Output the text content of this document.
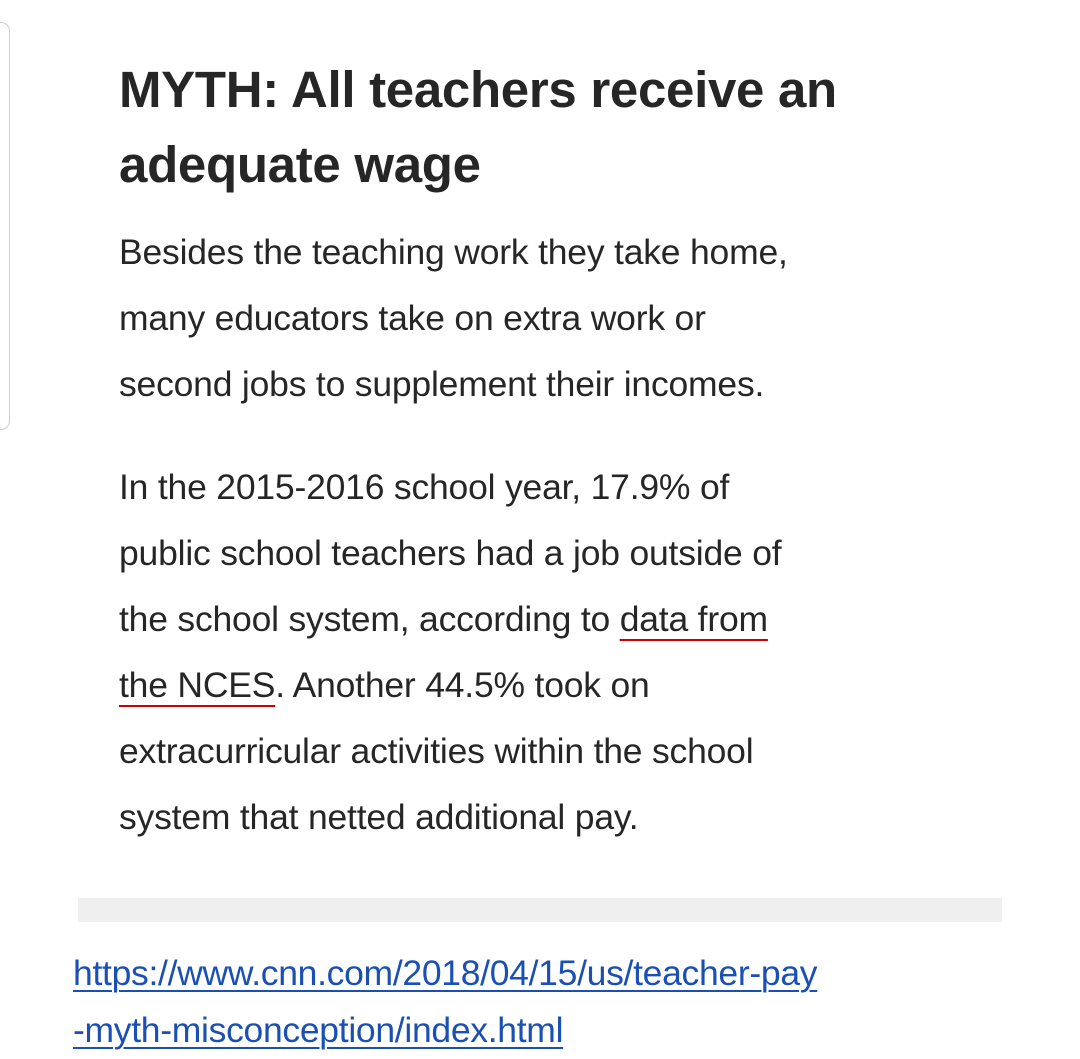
MYTH: All teachers receive an
adequate wage

Besides the teaching work they take home,
many educators take on extra work or
second jobs to supplement their incomes.

In the 2015-2016 school year, 17.9% of
public school teachers had a job outside of
the school system, according to data from
the NCES. Another 44.5% took on
extracurricular activities within the school
system that netted additional pay.

https://www.cnn.com/2018/04/15/us/teacher-pay
-myth-misconception/index.html
